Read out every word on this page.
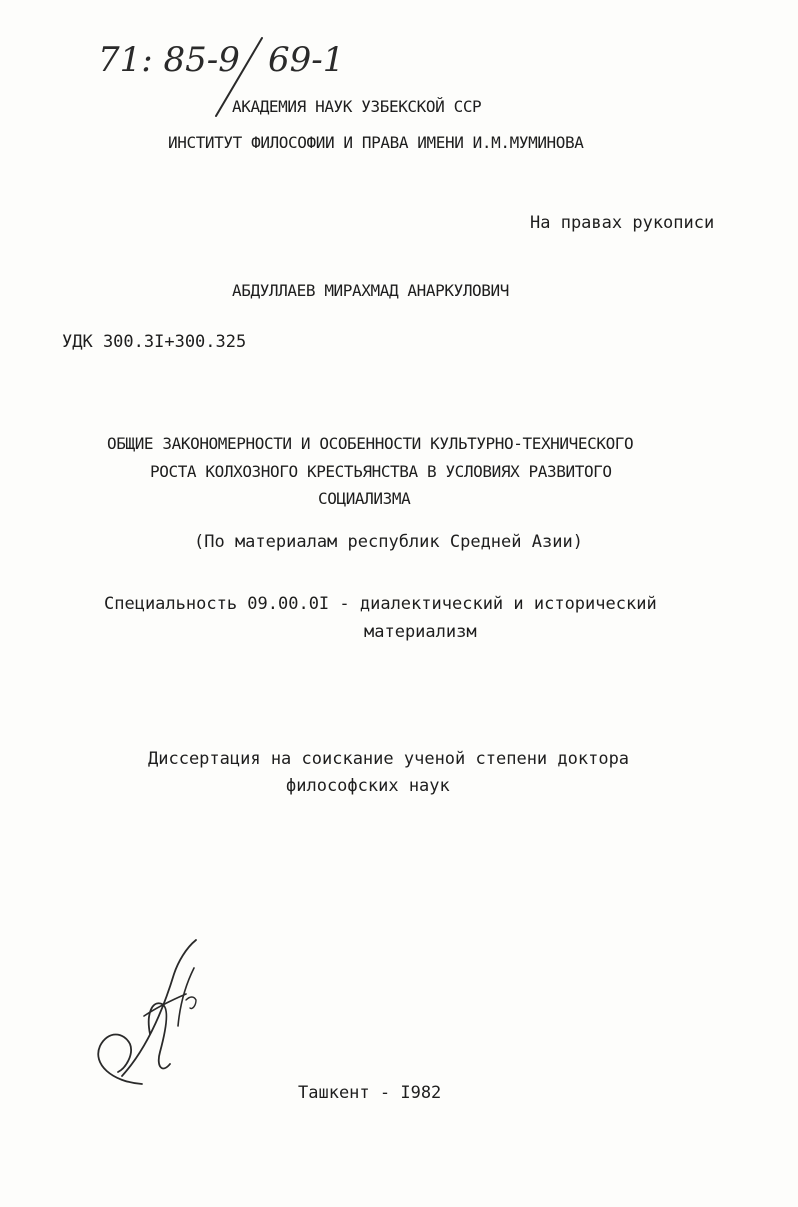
71: 85-9 69-1
АКАДЕМИЯ НАУК УЗБЕКСКОЙ ССР
ИНСТИТУТ ФИЛОСОФИИ И ПРАВА ИМЕНИ И.М.МУМИНОВА
На правах рукописи
АБДУЛЛАЕВ МИРАХМАД АНАРКУЛОВИЧ
УДК 300.3I+300.325
ОБЩИЕ ЗАКОНОМЕРНОСТИ И ОСОБЕННОСТИ КУЛЬТУРНО-ТЕХНИЧЕСКОГО
РОСТА КОЛХОЗНОГО КРЕСТЬЯНСТВА В УСЛОВИЯХ РАЗВИТОГО
СОЦИАЛИЗМА
(По материалам республик Средней Азии)
Специальность 09.00.0I - диалектический и исторический
материализм
Диссертация на соискание ученой степени доктора
философских наук
Ташкент - I982
